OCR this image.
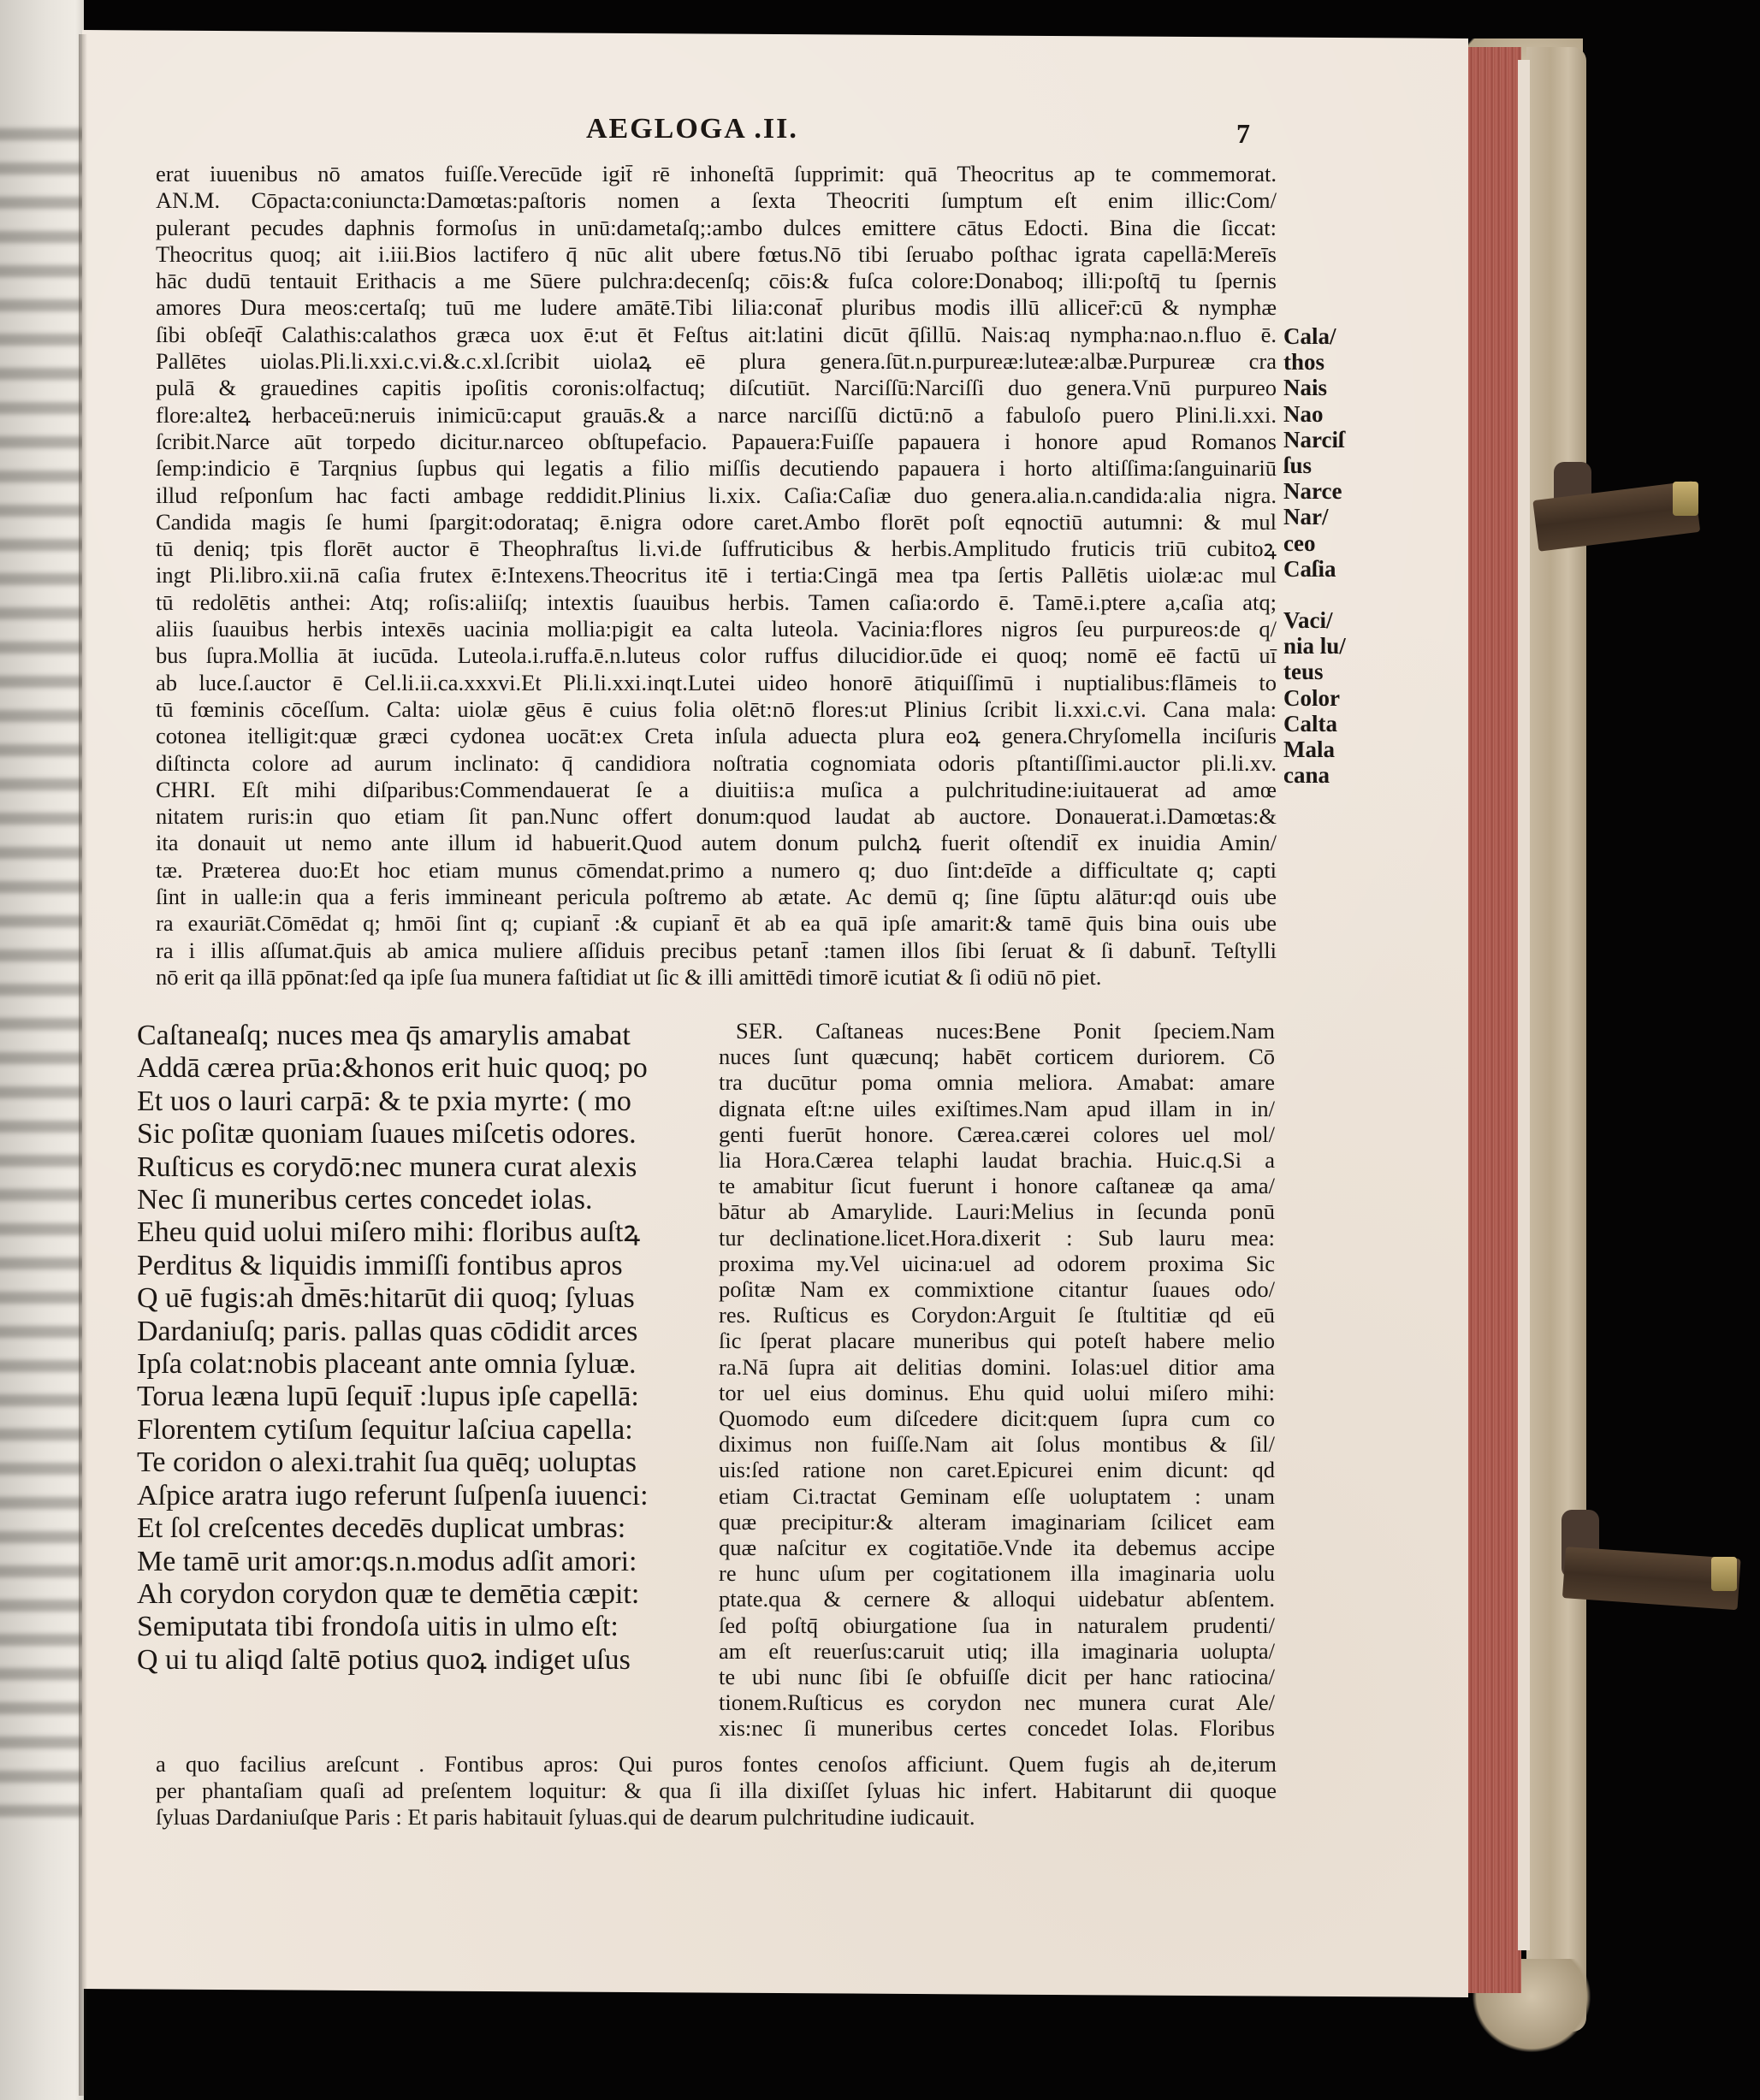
AEGLOGA .II.	7
erat iuuenibus nō amatos fuiſſe.Verecūde igit̄ rē inhoneſtā ſupprimit: quā Theocritus ap te commemorat.
AN.M. Cōpacta:coniuncta:Damœtas:paſtoris nomen a ſexta Theocriti ſumptum eſt enim illic:Com/
pulerant pecudes daphnis formoſus in unū:dametaſq;:ambo dulces emittere cātus Edocti. Bina die ſiccat:
Theocritus quoq; ait i.iii.Bios lactifero q̄ nūc alit ubere fœtus.Nō tibi ſeruabo poſthac igrata capellā:Mereīs
hāc dudū tentauit Erithacis a me Sūere pulchra:decenſq; cōis:& fuſca colore:Donaboq; illi:poſtq̄ tu ſpernis
amores Dura meos:certaſq; tuū me ludere amātē.Tibi lilia:conat̄ pluribus modis illū allicer̄:cū & nymphæ
ſibi obſeq̄t̄ Calathis:calathos græca uox ē:ut ēt Feſtus ait:latini dicūt q̄ſillū. Nais:aq nympha:nao.n.fluo ē.
Pallētes uiolas.Pli.li.xxi.c.vi.&.c.xl.ſcribit uiolaꝝ eē plura genera.ſūt.n.purpureæ:luteæ:albæ.Purpureæ cra
pulā & grauedines capitis ipoſitis coronis:olfactuq; diſcutiūt. Narciſſū:Narciſſi duo genera.Vnū purpureo
flore:alteꝝ herbaceū:neruis inimicū:caput grauās.& a narce narciſſū dictū:nō a fabuloſo puero Plini.li.xxi.
ſcribit.Narce aūt torpedo dicitur.narceo obſtupefacio. Papauera:Fuiſſe papauera i honore apud Romanos
ſemp:indicio ē Tarqnius ſupbus qui legatis a filio miſſis decutiendo papauera i horto altiſſima:ſanguinariū
illud reſponſum hac facti ambage reddidit.Plinius li.xix. Caſia:Caſiæ duo genera.alia.n.candida:alia nigra.
Candida magis ſe humi ſpargit:odorataq; ē.nigra odore caret.Ambo florēt poſt eqnoctiū autumni: & mul
tū deniq; tpis florēt auctor ē Theophraſtus li.vi.de ſuffruticibus & herbis.Amplitudo fruticis triū cubitoꝝ
ingt Pli.libro.xii.nā caſia frutex ē:Intexens.Theocritus itē i tertia:Cingā mea tpa ſertis Pallētis uiolæ:ac mul
tū redolētis anthei: Atq; roſis:aliiſq; intextis ſuauibus herbis. Tamen caſia:ordo ē. Tamē.i.ptere a,caſia atq;
aliis ſuauibus herbis intexēs uacinia mollia:pigit ea calta luteola. Vacinia:flores nigros ſeu purpureos:de q/
bus ſupra.Mollia āt iucūda. Luteola.i.ruffa.ē.n.luteus color ruffus dilucidior.ūde ei quoq; nomē eē factū uī
ab luce.ſ.auctor ē Cel.li.ii.ca.xxxvi.Et Pli.li.xxi.inqt.Lutei uideo honorē ātiquiſſimū i nuptialibus:flāmeis to
tū fœminis cōceſſum. Calta: uiolæ gēus ē cuius folia olēt:nō flores:ut Plinius ſcribit li.xxi.c.vi. Cana mala:
cotonea itelligit:quæ græci cydonea uocāt:ex Creta inſula aduecta plura eoꝝ genera.Chryſomella inciſuris
diſtincta colore ad aurum inclinato: q̄ candidiora noſtratia cognomiata odoris pſtantiſſimi.auctor pli.li.xv.
CHRI. Eſt mihi diſparibus:Commendauerat ſe a diuitiis:a muſica a pulchritudine:iuitauerat ad amœ
nitatem ruris:in quo etiam ſit pan.Nunc offert donum:quod laudat ab auctore. Donauerat.i.Damœtas:&
ita donauit ut nemo ante illum id habuerit.Quod autem donum pulchꝝ fuerit oſtendit̄ ex inuidia Amin/
tæ. Præterea duo:Et hoc etiam munus cōmendat.primo a numero q; duo ſint:deīde a difficultate q; capti
ſint in ualle:in qua a feris immineant pericula poſtremo ab ætate. Ac demū q; ſine ſūptu alātur:qd ouis ube
ra exauriāt.Cōmēdat q; hmōi ſint q; cupiant̄ :& cupiant̄ ēt ab ea quā ipſe amarit:& tamē q̄uis bina ouis ube
ra i illis aſſumat.q̄uis ab amica muliere aſſiduis precibus petant̄ :tamen illos ſibi ſeruat & ſi dabunt̄. Teſtylli
nō erit qa illā ppōnat:ſed qa ipſe ſua munera faſtidiat ut ſic & illi amittēdi timorē icutiat & ſi odiū nō piet.
Cala/
thos
Nais
Nao
Narciſ
ſus
Narce
Nar/
ceo
Caſia
Vaci/
nia lu/
teus
Color
Calta
Mala
cana
Caſtaneaſq; nuces mea q̄s amarylis amabat
Addā cærea prūa:&honos erit huic quoq; po
Et uos o lauri carpā: & te pxia myrte: ( mo
Sic poſitæ quoniam ſuaues miſcetis odores.
Ruſticus es corydō:nec munera curat alexis
Nec ſi muneribus certes concedet iolas.
Eheu quid uolui miſero mihi: floribus auſtꝝ
Perditus & liquidis immiſſi fontibus apros
Q uē fugis:ah d̄mēs:hitarūt dii quoq; ſyluas
Dardaniuſq; paris. pallas quas cōdidit arces
Ipſa colat:nobis placeant ante omnia ſyluæ.
Torua leæna lupū ſequit̄ :lupus ipſe capellā:
Florentem cytiſum ſequitur laſciua capella:
Te coridon o alexi.trahit ſua quēq; uoluptas
Aſpice aratra iugo referunt ſuſpenſa iuuenci:
Et ſol creſcentes decedēs duplicat umbras:
Me tamē urit amor:qs.n.modus adſit amori:
Ah corydon corydon quæ te demētia cæpit:
Semiputata tibi frondoſa uitis in ulmo eſt:
Q ui tu aliqd ſaltē potius quoꝝ indiget uſus
SER. Caſtaneas nuces:Bene Ponit ſpeciem.Nam
nuces ſunt quæcunq; habēt corticem duriorem. Cō
tra ducūtur poma omnia meliora. Amabat: amare
dignata eſt:ne uiles exiſtimes.Nam apud illam in in/
genti fuerūt honore. Cærea.cærei colores uel mol/
lia Hora.Cærea telaphi laudat brachia. Huic.q.Si a
te amabitur ſicut fuerunt i honore caſtaneæ qa ama/
bātur ab Amarylide. Lauri:Melius in ſecunda ponū
tur declinatione.licet.Hora.dixerit : Sub lauru mea:
proxima my.Vel uicina:uel ad odorem proxima Sic
poſitæ Nam ex commixtione citantur ſuaues odo/
res. Ruſticus es Corydon:Arguit ſe ſtultitiæ qd eū
ſic ſperat placare muneribus qui poteſt habere melio
ra.Nā ſupra ait delitias domini. Iolas:uel ditior ama
tor uel eius dominus. Ehu quid uolui miſero mihi:
Quomodo eum diſcedere dicit:quem ſupra cum co
diximus non fuiſſe.Nam ait ſolus montibus & ſil/
uis:ſed ratione non caret.Epicurei enim dicunt: qd
etiam Ci.tractat Geminam eſſe uoluptatem : unam
quæ precipitur:& alteram imaginariam ſcilicet eam
quæ naſcitur ex cogitatiōe.Vnde ita debemus accipe
re hunc uſum per cogitationem illa imaginaria uolu
ptate.qua & cernere & alloqui uidebatur abſentem.
ſed poſtq̄ obiurgatione ſua in naturalem prudenti/
am eſt reuerſus:caruit utiq; illa imaginaria uolupta/
te ubi nunc ſibi ſe obfuiſſe dicit per hanc ratiocina/
tionem.Ruſticus es corydon nec munera curat Ale/
xis:nec ſi muneribus certes concedet Iolas. Floribus
a quo facilius areſcunt . Fontibus apros: Qui puros fontes cenoſos afficiunt. Quem fugis ah de,iterum
per phantaſiam quaſi ad preſentem loquitur: & qua ſi illa dixiſſet ſyluas hic infert. Habitarunt dii quoque
ſyluas Dardaniuſque Paris : Et paris habitauit ſyluas.qui de dearum pulchritudine iudicauit.
